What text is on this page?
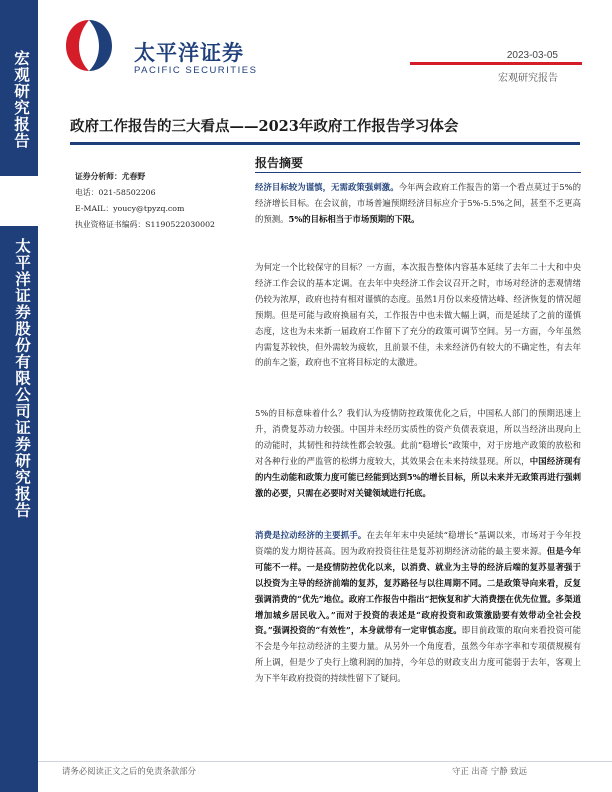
宏观研究报告
太平洋证券股份有限公司证券研究报告
太平洋证券
PACIFIC SECURITIES
2023-03-05
宏观研究报告
政府工作报告的三大看点——2023年政府工作报告学习体会
证券分析师：尤春野
电话：021-58502206
E-MAIL：youcy@tpyzq.com
执业资格证书编码：S1190522030002
报告摘要
经济目标较为谨慎，无需政策强刺激。今年两会政府工作报告的第一个看点莫过于5%的经济增长目标。在会议前，市场普遍预期经济目标应介于5%-5.5%之间，甚至不乏更高的预测。5%的目标相当于市场预期的下限。
为何定一个比较保守的目标？一方面，本次报告整体内容基本延续了去年二十大和中央经济工作会议的基本定调。在去年中央经济工作会议召开之时，市场对经济的悲观情绪仍较为浓厚，政府也持有相对谨慎的态度。虽然1月份以来疫情达峰、经济恢复的情况超预期。但是可能与政府换届有关，工作报告中也未做大幅上调，而是延续了之前的谨慎态度，这也为未来新一届政府工作留下了充分的政策可调节空间。另一方面，今年虽然内需复苏较快，但外需较为疲软，且前景不佳，未来经济仍有较大的不确定性，有去年的前车之鉴，政府也不宜将目标定的太激进。
5%的目标意味着什么？我们认为疫情防控政策优化之后，中国私人部门的预期迅速上升，消费复苏动力较强。中国并未经历实质性的资产负债表衰退，所以当经济出现向上的动能时，其韧性和持续性都会较强。此前“稳增长”政策中，对于房地产政策的放松和对各种行业的严监管的松绑力度较大，其效果会在未来持续显现。所以，中国经济现有的内生动能和政策力度可能已经能到达到5%的增长目标，所以未来并无政策再进行强刺激的必要，只需在必要时对关键领域进行托底。
消费是拉动经济的主要抓手。在去年年末中央延续“稳增长”基调以来，市场对于今年投资端的发力期待甚高。因为政府投资往往是复苏初期经济动能的最主要来源。但是今年可能不一样。一是疫情防控优化以来，以消费、就业为主导的经济后端的复苏显著强于以投资为主导的经济前端的复苏，复苏路径与以往周期不同。二是政策导向来看，反复强调消费的“优先”地位。政府工作报告中指出“把恢复和扩大消费摆在优先位置。多渠道增加城乡居民收入。”而对于投资的表述是“政府投资和政策激励要有效带动全社会投资。”强调投资的“有效性”，本身就带有一定审慎态度。即目前政策的取向来看投资可能不会是今年拉动经济的主要力量。从另外一个角度看，虽然今年赤字率和专项债规模有所上调，但是少了央行上缴利润的加持，今年总的财政支出力度可能弱于去年，客观上为下半年政府投资的持续性留下了疑问。
请务必阅读正文之后的免责条款部分	守正 出奇 宁静 致远
